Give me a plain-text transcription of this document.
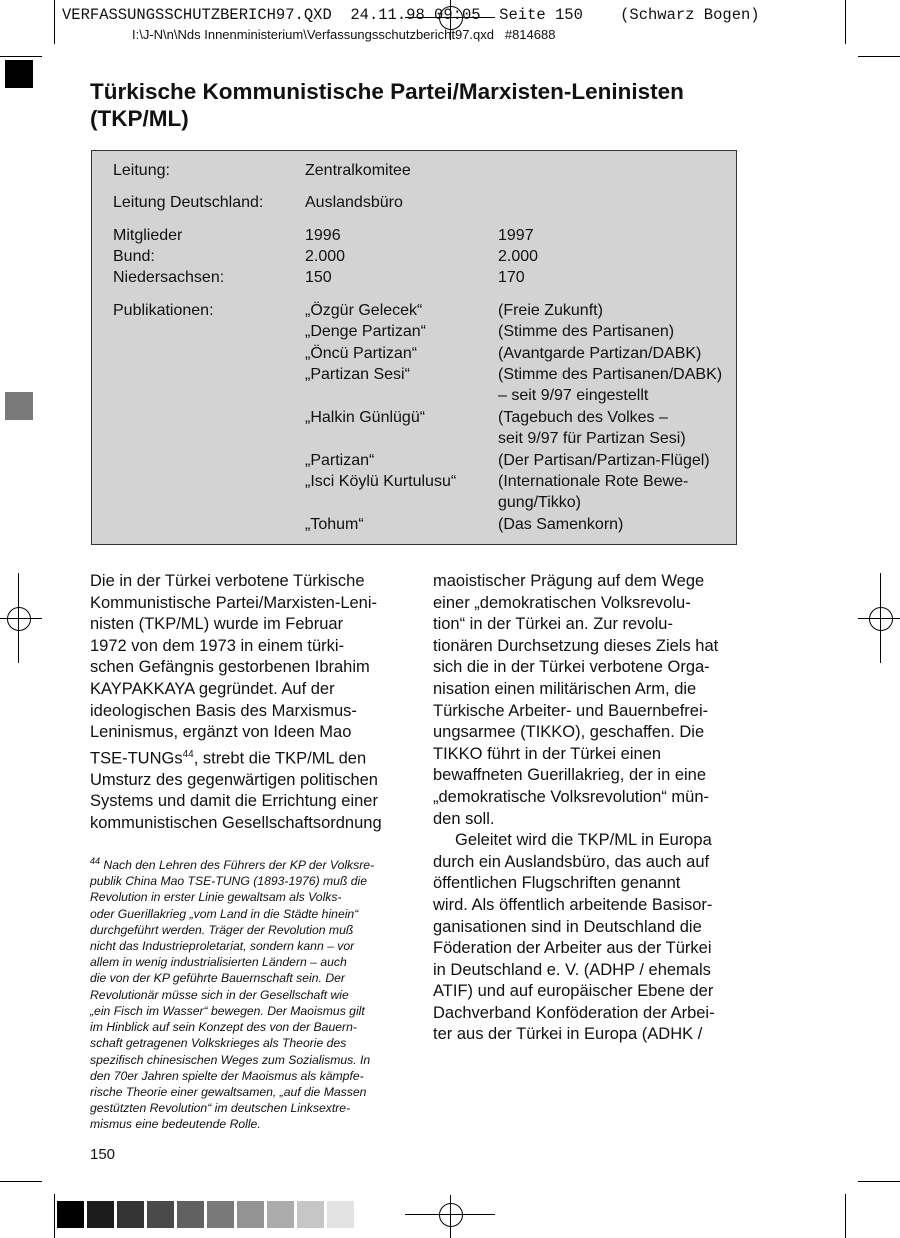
VERFASSUNGSSCHUTZBERICH97.QXD  24.11.98 09:05  Seite 150    (Schwarz Bogen)
I:\J-N\n\Nds Innenministerium\Verfassungsschutzbericht97.qxd   #814688
Türkische Kommunistische Partei/Marxisten-Leninisten (TKP/ML)
Leitung:	Zentralkomitee
Leitung Deutschland:	Auslandsbüro
Mitglieder	1996	1997
Bund:	2.000	2.000
Niedersachsen:	150	170
Publikationen:	„Özgür Gelecek“	(Freie Zukunft)
„Denge Partizan“	(Stimme des Partisanen)
„Öncü Partizan“	(Avantgarde Partizan/DABK)
„Partizan Sesi“	(Stimme des Partisanen/DABK)
– seit 9/97 eingestellt
„Halkin Günlügü“	(Tagebuch des Volkes –
seit 9/97 für Partizan Sesi)
„Partizan“	(Der Partisan/Partizan-Flügel)
„Isci Köylü Kurtulusu“	(Internationale Rote Bewe-
gung/Tikko)
„Tohum“	(Das Samenkorn)
Die in der Türkei verbotene Türkische
Kommunistische Partei/Marxisten-Leni-
nisten (TKP/ML) wurde im Februar
1972 von dem 1973 in einem türki-
schen Gefängnis gestorbenen Ibrahim
KAYPAKKAYA gegründet. Auf der
ideologischen Basis des Marxismus-
Leninismus, ergänzt von Ideen Mao
TSE-TUNGs$^{44}$, strebt die TKP/ML den
Umsturz des gegenwärtigen politischen
Systems und damit die Errichtung einer
kommunistischen Gesellschaftsordnung
maoistischer Prägung auf dem Wege
einer „demokratischen Volksrevolu-
tion“ in der Türkei an. Zur revolu-
tionären Durchsetzung dieses Ziels hat
sich die in der Türkei verbotene Orga-
nisation einen militärischen Arm, die
Türkische Arbeiter- und Bauernbefrei-
ungsarmee (TIKKO), geschaffen. Die
TIKKO führt in der Türkei einen
bewaffneten Guerillakrieg, der in eine
„demokratische Volksrevolution“ mün-
den soll.
Geleitet wird die TKP/ML in Europa
durch ein Auslandsbüro, das auch auf
öffentlichen Flugschriften genannt
wird. Als öffentlich arbeitende Basisor-
ganisationen sind in Deutschland die
Föderation der Arbeiter aus der Türkei
in Deutschland e. V. (ADHP / ehemals
ATIF) und auf europäischer Ebene der
Dachverband Konföderation der Arbei-
ter aus der Türkei in Europa (ADHK /
$^{44}$ Nach den Lehren des Führers der KP der Volksre-
publik China Mao TSE-TUNG (1893-1976) muß die
Revolution in erster Linie gewaltsam als Volks-
oder Guerillakrieg „vom Land in die Städte hinein“
durchgeführt werden. Träger der Revolution muß
nicht das Industrieproletariat, sondern kann – vor
allem in wenig industrialisierten Ländern – auch
die von der KP geführte Bauernschaft sein. Der
Revolutionär müsse sich in der Gesellschaft wie
„ein Fisch im Wasser“ bewegen. Der Maoismus gilt
im Hinblick auf sein Konzept des von der Bauern-
schaft getragenen Volkskrieges als Theorie des
spezifisch chinesischen Weges zum Sozialismus. In
den 70er Jahren spielte der Maoismus als kämpfe-
rische Theorie einer gewaltsamen, „auf die Massen
gestützten Revolution“ im deutschen Linksextre-
mismus eine bedeutende Rolle.
150
